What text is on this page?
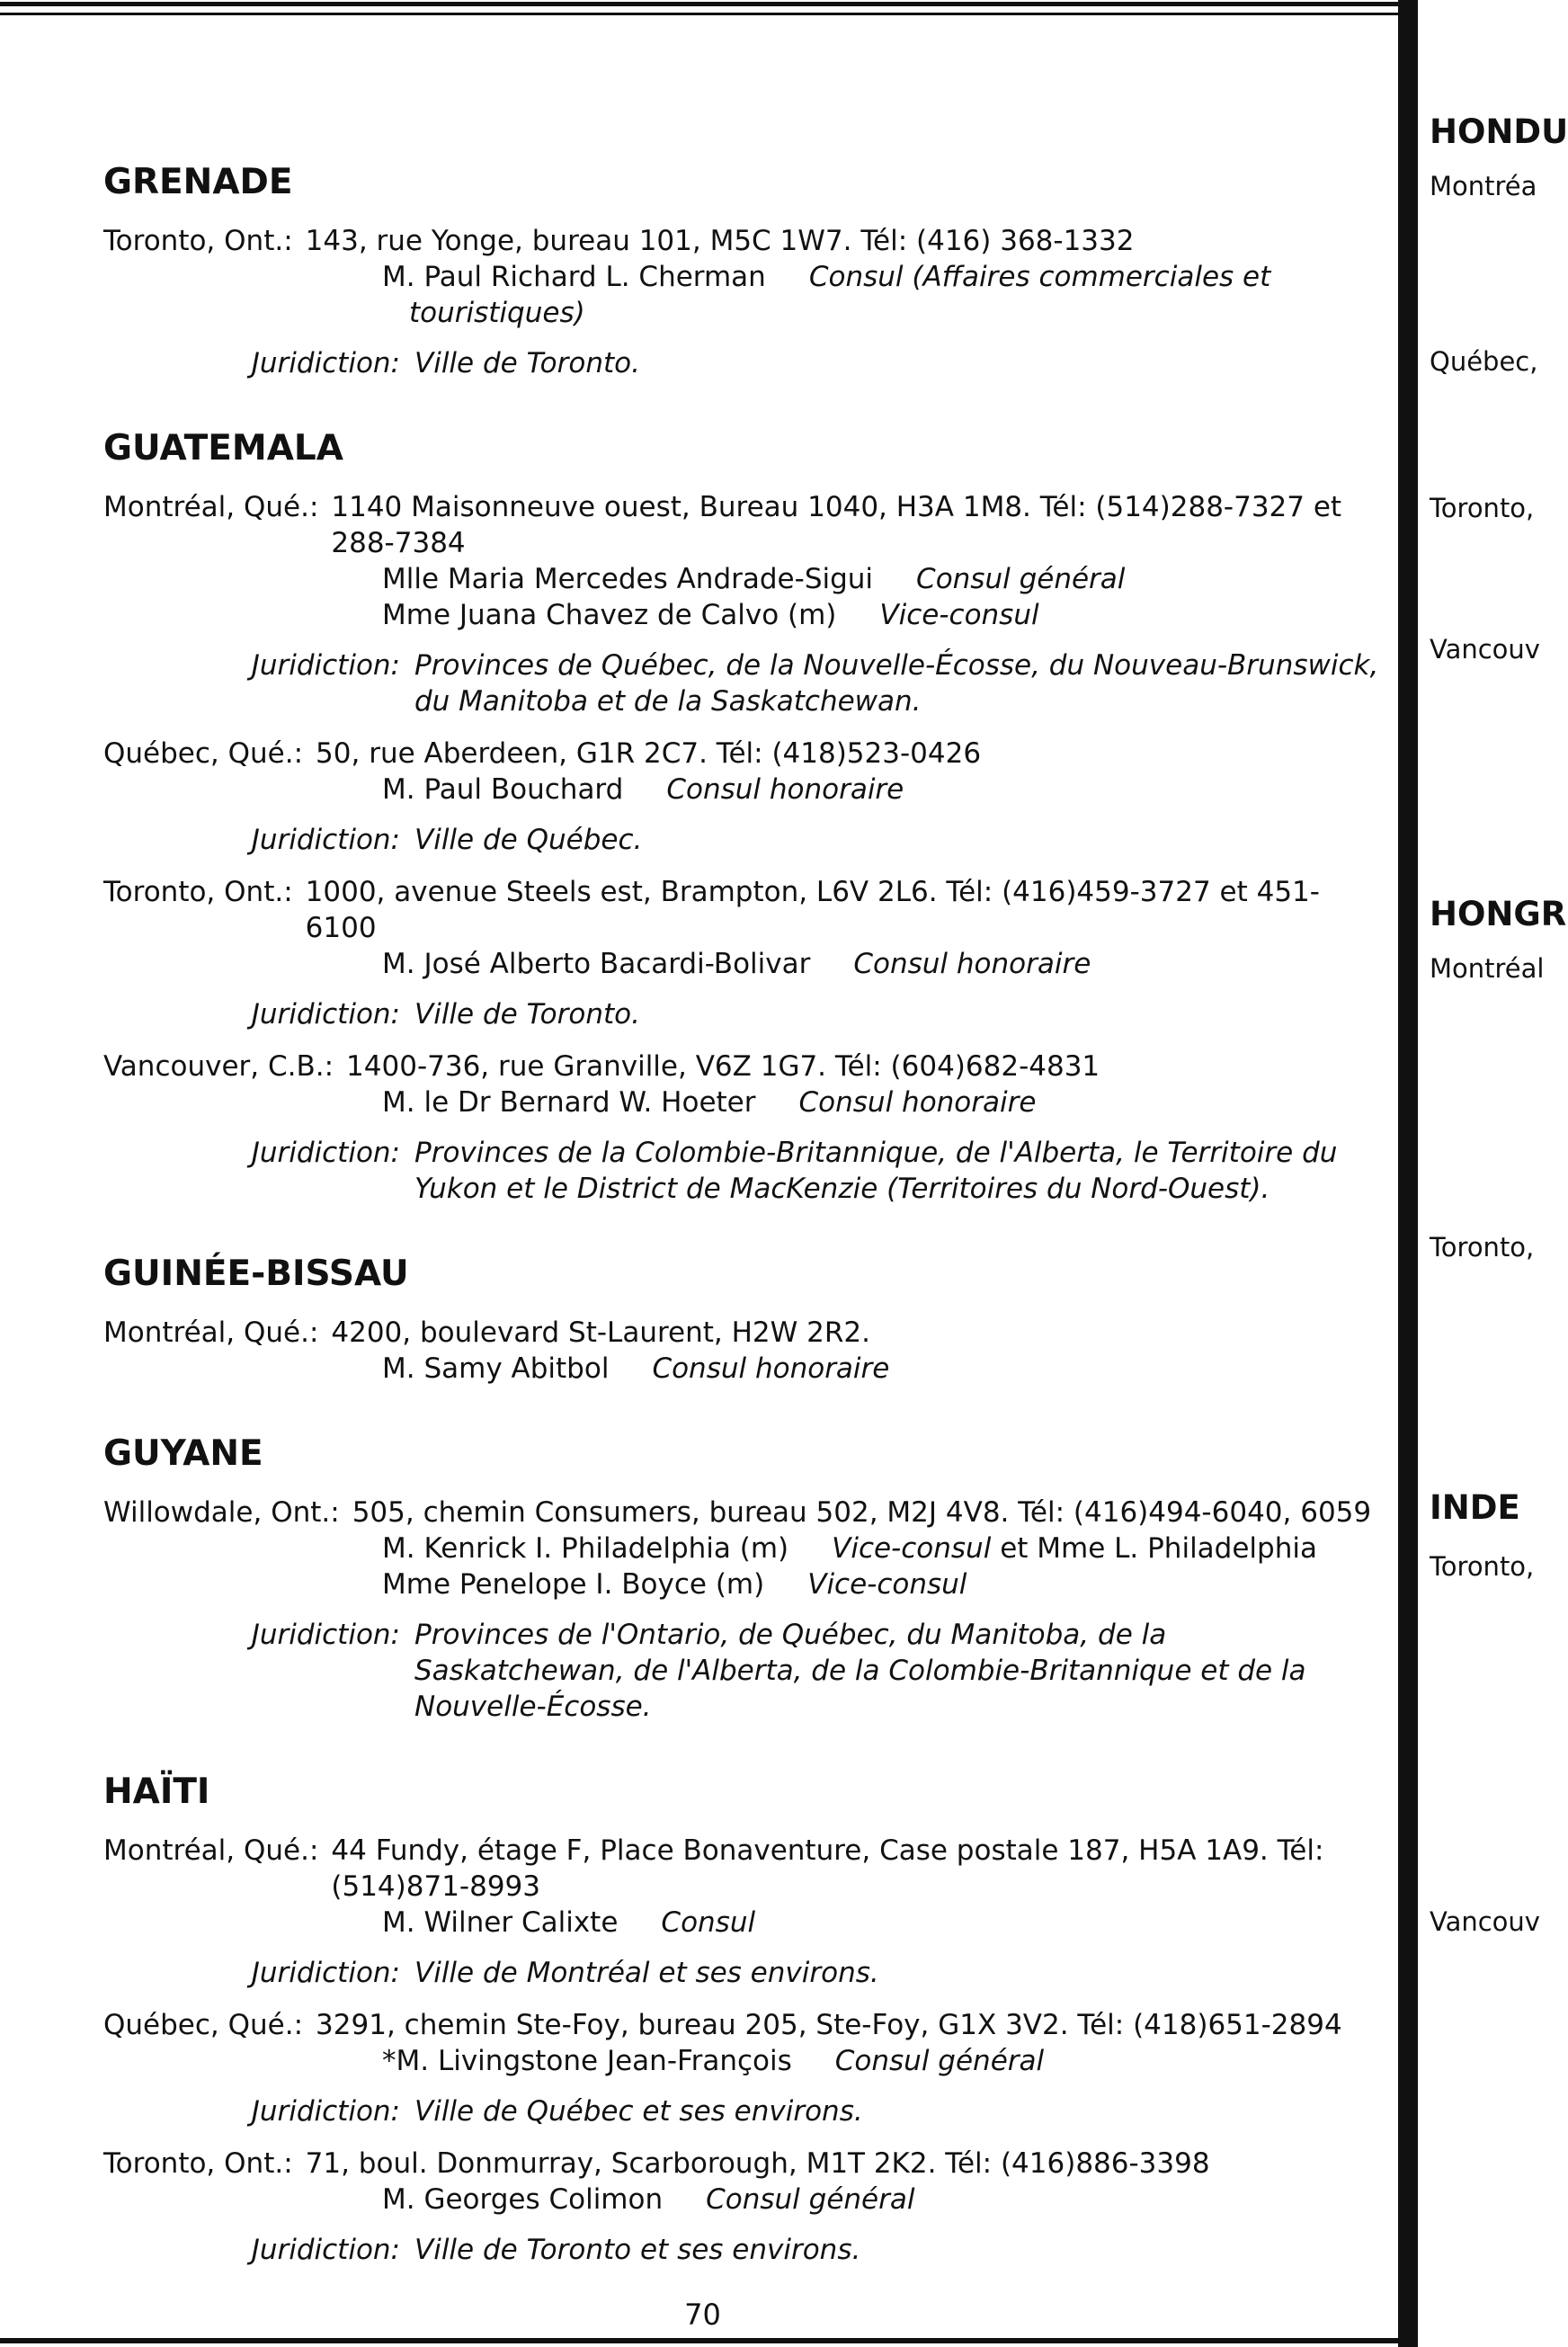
GRENADE
Toronto, Ont.: 143, rue Yonge, bureau 101, M5C 1W7. Tél: (416) 368-1332
M. Paul Richard L. Cherman Consul (Affaires commerciales et
touristiques)
Juridiction: Ville de Toronto.
GUATEMALA
Montréal, Qué.: 1140 Maisonneuve ouest, Bureau 1040, H3A 1M8. Tél: (514)288-7327 et 288-7384
Mlle Maria Mercedes Andrade-Sigui Consul général
Mme Juana Chavez de Calvo (m) Vice-consul
Juridiction: Provinces de Québec, de la Nouvelle-Écosse, du Nouveau-Brunswick, du Manitoba et de la Saskatchewan.
Québec, Qué.: 50, rue Aberdeen, G1R 2C7. Tél: (418)523-0426
M. Paul Bouchard Consul honoraire
Juridiction: Ville de Québec.
Toronto, Ont.: 1000, avenue Steels est, Brampton, L6V 2L6. Tél: (416)459-3727 et 451-6100
M. José Alberto Bacardi-Bolivar Consul honoraire
Juridiction: Ville de Toronto.
Vancouver, C.B.: 1400-736, rue Granville, V6Z 1G7. Tél: (604)682-4831
M. le Dr Bernard W. Hoeter Consul honoraire
Juridiction: Provinces de la Colombie-Britannique, de l'Alberta, le Territoire du Yukon et le District de MacKenzie (Territoires du Nord-Ouest).
GUINÉE-BISSAU
Montréal, Qué.: 4200, boulevard St-Laurent, H2W 2R2.
M. Samy Abitbol Consul honoraire
GUYANE
Willowdale, Ont.: 505, chemin Consumers, bureau 502, M2J 4V8. Tél: (416)494-6040, 6059
M. Kenrick I. Philadelphia (m) Vice-consul et Mme L. Philadelphia
Mme Penelope I. Boyce (m) Vice-consul
Juridiction: Provinces de l'Ontario, de Québec, du Manitoba, de la Saskatchewan, de l'Alberta, de la Colombie-Britannique et de la Nouvelle-Écosse.
HAÏTI
Montréal, Qué.: 44 Fundy, étage F, Place Bonaventure, Case postale 187, H5A 1A9. Tél: (514)871-8993
M. Wilner Calixte Consul
Juridiction: Ville de Montréal et ses environs.
Québec, Qué.: 3291, chemin Ste-Foy, bureau 205, Ste-Foy, G1X 3V2. Tél: (418)651-2894
*M. Livingstone Jean-François Consul général
Juridiction: Ville de Québec et ses environs.
Toronto, Ont.: 71, boul. Donmurray, Scarborough, M1T 2K2. Tél: (416)886-3398
M. Georges Colimon Consul général
Juridiction: Ville de Toronto et ses environs.
70
HONDU
Montréa
Québec,
Toronto,
Vancouv
HONGR
Montréal
Toronto,
INDE
Toronto,
Vancouv
